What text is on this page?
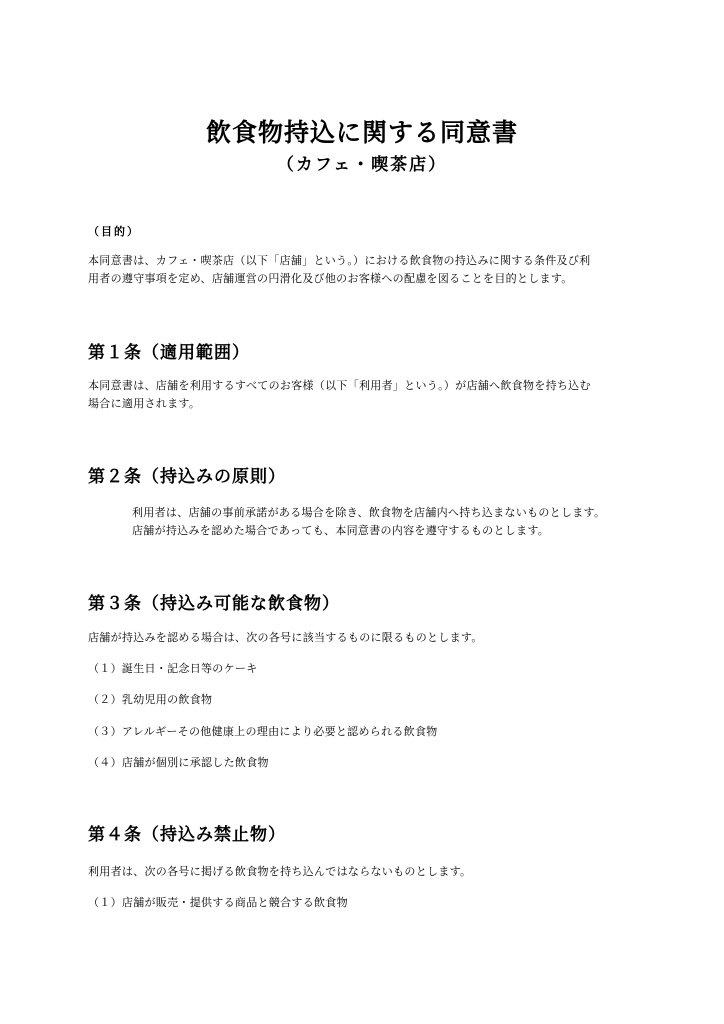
飲食物持込に関する同意書
（カフェ・喫茶店）
（目的）
本同意書は、カフェ・喫茶店（以下「店舗」という。）における飲食物の持込みに関する条件及び利
用者の遵守事項を定め、店舗運営の円滑化及び他のお客様への配慮を図ることを目的とします。
第１条（適用範囲）
本同意書は、店舗を利用するすべてのお客様（以下「利用者」という。）が店舗へ飲食物を持ち込む
場合に適用されます。
第２条（持込みの原則）
利用者は、店舗の事前承諾がある場合を除き、飲食物を店舗内へ持ち込まないものとします。
店舗が持込みを認めた場合であっても、本同意書の内容を遵守するものとします。
第３条（持込み可能な飲食物）
店舗が持込みを認める場合は、次の各号に該当するものに限るものとします。
（１）誕生日・記念日等のケーキ
（２）乳幼児用の飲食物
（３）アレルギーその他健康上の理由により必要と認められる飲食物
（４）店舗が個別に承認した飲食物
第４条（持込み禁止物）
利用者は、次の各号に掲げる飲食物を持ち込んではならないものとします。
（１）店舗が販売・提供する商品と競合する飲食物
